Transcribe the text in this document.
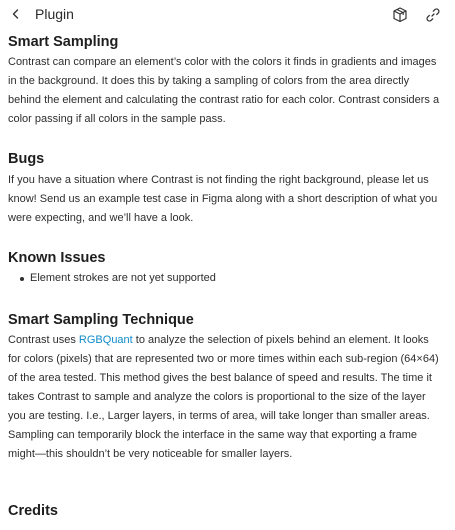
Smart Sampling

Contrast can compare an element’s color with the colors it finds in gradients and images in the background. It does this by taking a sampling of colors from the area directly behind the element and calculating the contrast ratio for each color. Contrast considers a color passing if all colors in the sample pass.

Bugs

If you have a situation where Contrast is not finding the right background, please let us know! Send us an example test case in Figma along with a short description of what you were expecting, and we’ll have a look.

Known Issues
Element strokes are not yet supported
Smart Sampling Technique

Contrast uses RGBQuant to analyze the selection of pixels behind an element. It looks for colors (pixels) that are represented two or more times within each sub-region (64×64) of the area tested. This method gives the best balance of speed and results. The time it takes Contrast to sample and analyze the colors is proportional to the size of the layer you are testing. I.e., Larger layers, in terms of area, will take longer than smaller areas. Sampling can temporarily block the interface in the same way that exporting a frame might—this shouldn’t be very noticeable for smaller layers.

Credits
Plugin
